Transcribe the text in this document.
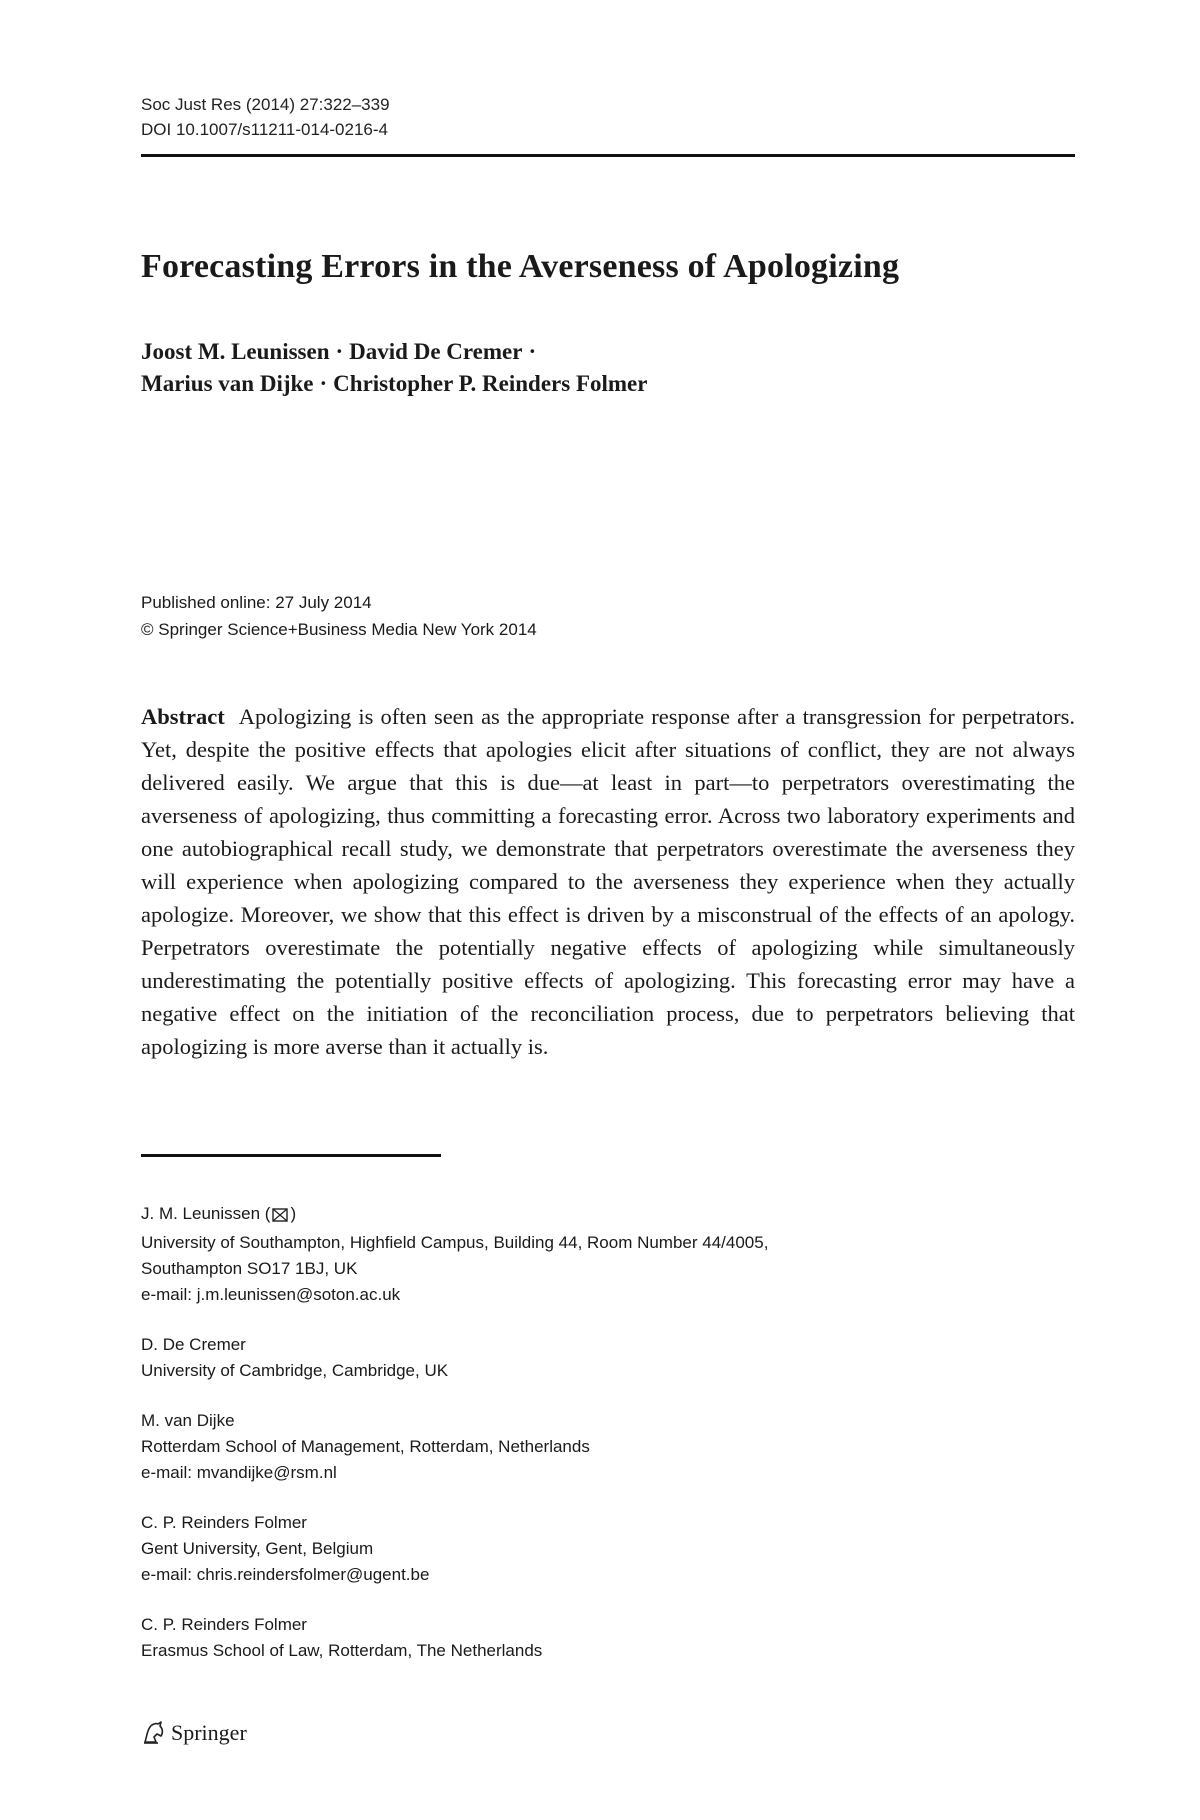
Soc Just Res (2014) 27:322–339
DOI 10.1007/s11211-014-0216-4
Forecasting Errors in the Averseness of Apologizing
Joost M. Leunissen · David De Cremer ·
Marius van Dijke · Christopher P. Reinders Folmer
Published online: 27 July 2014
© Springer Science+Business Media New York 2014

Abstract Apologizing is often seen as the appropriate response after a transgression for perpetrators. Yet, despite the positive effects that apologies elicit after situations of conflict, they are not always delivered easily. We argue that this is due—at least in part—to perpetrators overestimating the averseness of apologizing, thus committing a forecasting error. Across two laboratory experiments and one autobiographical recall study, we demonstrate that perpetrators overestimate the averseness they will experience when apologizing compared to the averseness they experience when they actually apologize. Moreover, we show that this effect is driven by a misconstrual of the effects of an apology. Perpetrators overestimate the potentially negative effects of apologizing while simultaneously underestimating the potentially positive effects of apologizing. This forecasting error may have a negative effect on the initiation of the reconciliation process, due to perpetrators believing that apologizing is more averse than it actually is.

J. M. Leunissen ( )
University of Southampton, Highfield Campus, Building 44, Room Number 44/4005,
Southampton SO17 1BJ, UK
e-mail: j.m.leunissen@soton.ac.uk
D. De Cremer
University of Cambridge, Cambridge, UK
M. van Dijke
Rotterdam School of Management, Rotterdam, Netherlands
e-mail: mvandijke@rsm.nl
C. P. Reinders Folmer
Gent University, Gent, Belgium
e-mail: chris.reindersfolmer@ugent.be
C. P. Reinders Folmer
Erasmus School of Law, Rotterdam, The Netherlands
Springer
